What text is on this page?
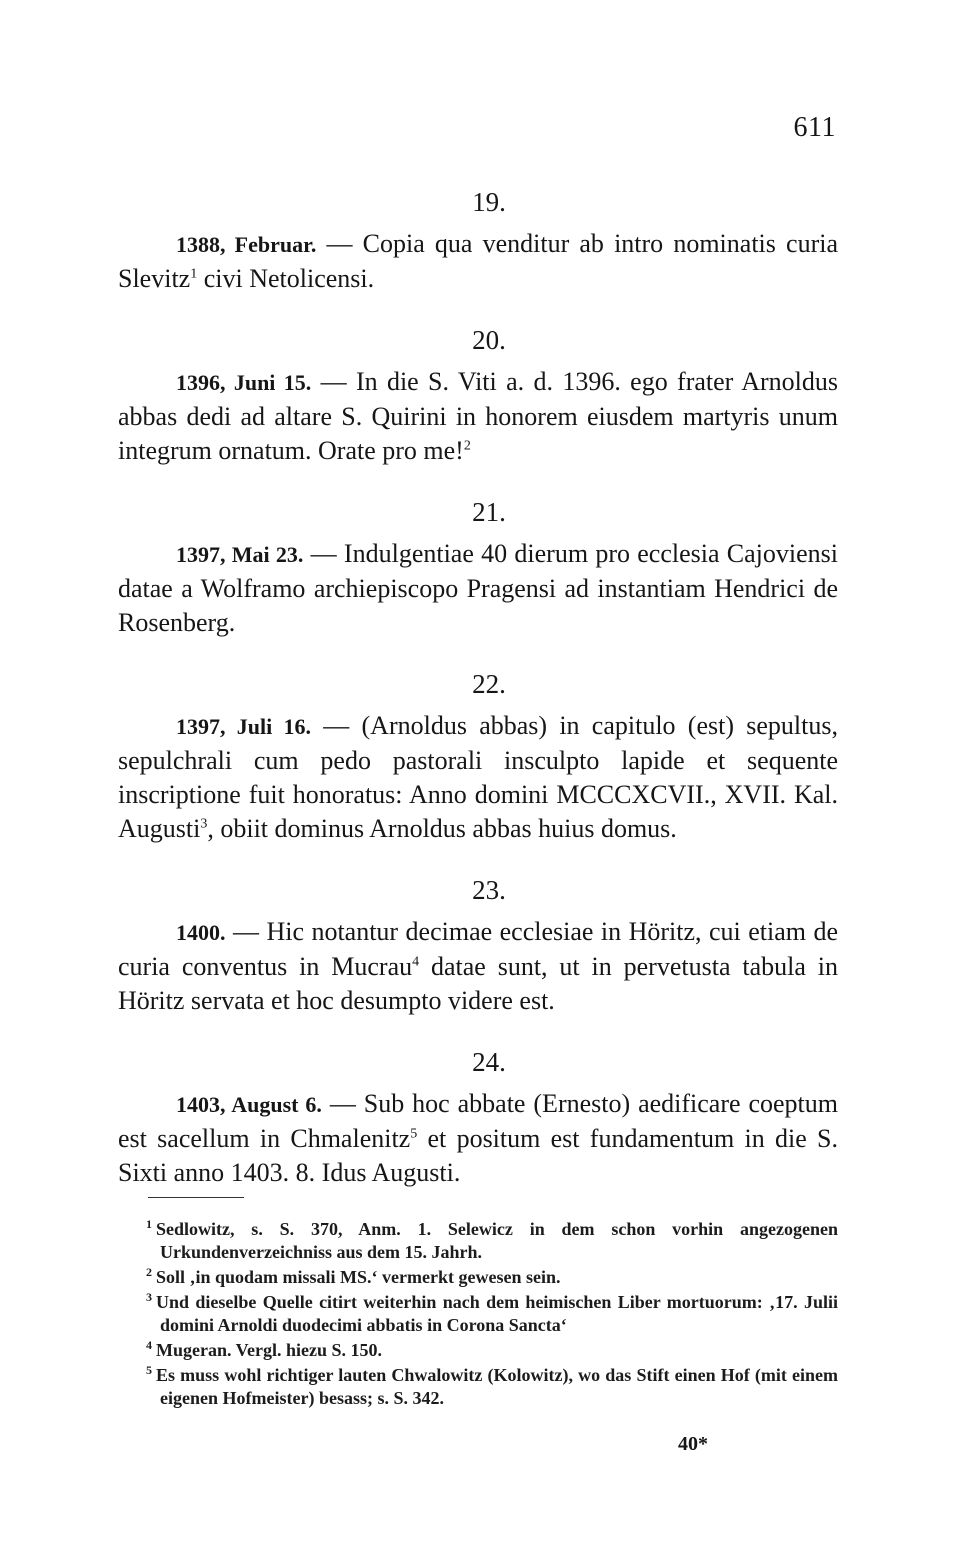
611
19.

1388, Februar. — Copia qua venditur ab intro nominatis curia Slevitz$^1$ civi Netolicensi.

20.

1396, Juni 15. — In die S. Viti a. d. 1396. ego frater Arnoldus abbas dedi ad altare S. Quirini in honorem eiusdem martyris unum integrum ornatum. Orate pro me!$^2$

21.

1397, Mai 23. — Indulgentiae 40 dierum pro ecclesia Cajoviensi datae a Wolframo archiepiscopo Pragensi ad instantiam Hendrici de Rosenberg.

22.

1397, Juli 16. — (Arnoldus abbas) in capitulo (est) sepultus, sepulchrali cum pedo pastorali insculpto lapide et sequente inscriptione fuit honoratus: Anno domini MCCCXCVII., XVII. Kal. Augusti$^3$, obiit dominus Arnoldus abbas huius domus.

23.

1400. — Hic notantur decimae ecclesiae in Höritz, cui etiam de curia conventus in Mucrau$^4$ datae sunt, ut in pervetusta tabula in Höritz servata et hoc desumpto videre est.

24.

1403, August 6. — Sub hoc abbate (Ernesto) aedificare coeptum est sacellum in Chmalenitz$^5$ et positum est fundamentum in die S. Sixti anno 1403. 8. Idus Augusti.

$^1$ Sedlowitz, s. S. 370, Anm. 1. Selewicz in dem schon vorhin angezogenen Urkundenverzeichniss aus dem 15. Jahrh.

$^2$ Soll ‚in quodam missali MS.‘ vermerkt gewesen sein.

$^3$ Und dieselbe Quelle citirt weiterhin nach dem heimischen Liber mortuorum: ‚17. Julii domini Arnoldi duodecimi abbatis in Corona Sancta‘

$^4$ Mugeran. Vergl. hiezu S. 150.

$^5$ Es muss wohl richtiger lauten Chwalowitz (Kolowitz), wo das Stift einen Hof (mit einem eigenen Hofmeister) besass; s. S. 342.

40*
